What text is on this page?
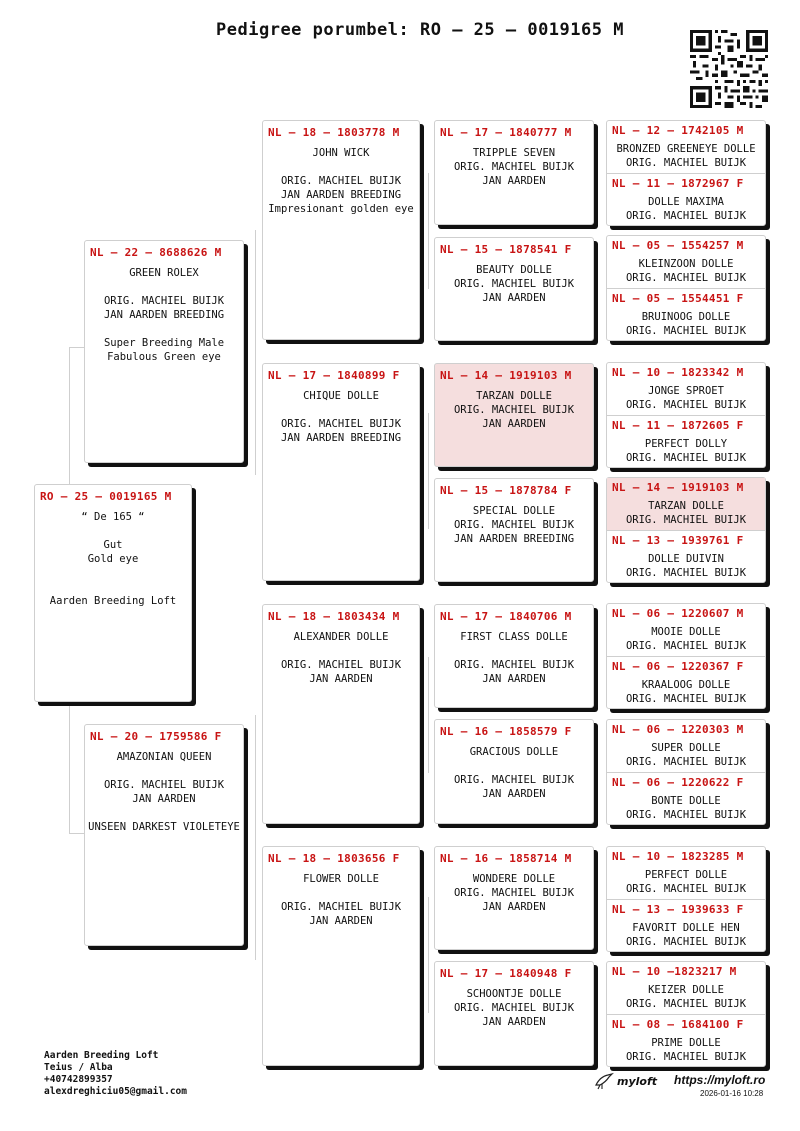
Pedigree porumbel: RO – 25 – 0019165 M
RO – 25 – 0019165 M
“ De 165 “
Gut
Gold eye

Aarden Breeding Loft
NL – 22 – 8688626 M
GREEN ROLEX
ORIG. MACHIEL BUIJK
JAN AARDEN BREEDING

Super Breeding Male
Fabulous Green eye
NL – 20 – 1759586 F
AMAZONIAN QUEEN
ORIG. MACHIEL BUIJK
JAN AARDEN

UNSEEN DARKEST VIOLETEYE
NL – 18 – 1803778 M
JOHN WICK
ORIG. MACHIEL BUIJK
JAN AARDEN BREEDING
Impresionant golden eye
NL – 17 – 1840899 F
CHIQUE DOLLE
ORIG. MACHIEL BUIJK
JAN AARDEN BREEDING
NL – 18 – 1803434 M
ALEXANDER DOLLE
ORIG. MACHIEL BUIJK
JAN AARDEN
NL – 18 – 1803656 F
FLOWER DOLLE
ORIG. MACHIEL BUIJK
JAN AARDEN
NL – 17 – 1840777 M
TRIPPLE SEVEN
ORIG. MACHIEL BUIJK
JAN AARDEN
NL – 15 – 1878541 F
BEAUTY DOLLE
ORIG. MACHIEL BUIJK
JAN AARDEN
NL – 14 – 1919103 M
TARZAN DOLLE
ORIG. MACHIEL BUIJK
JAN AARDEN
NL – 15 – 1878784 F
SPECIAL DOLLE
ORIG. MACHIEL BUIJK
JAN AARDEN BREEDING
NL – 17 – 1840706 M
FIRST CLASS DOLLE

ORIG. MACHIEL BUIJK
JAN AARDEN
NL – 16 – 1858579 F
GRACIOUS DOLLE

ORIG. MACHIEL BUIJK
JAN AARDEN
NL – 16 – 1858714 M
WONDERE DOLLE
ORIG. MACHIEL BUIJK
JAN AARDEN
NL – 17 – 1840948 F
SCHOONTJE DOLLE
ORIG. MACHIEL BUIJK
JAN AARDEN
NL – 12 – 1742105 M
BRONZED GREENEYE DOLLE
ORIG. MACHIEL BUIJK
NL – 11 – 1872967 F
DOLLE MAXIMA
ORIG. MACHIEL BUIJK
NL – 05 – 1554257 M
KLEINZOON DOLLE
ORIG. MACHIEL BUIJK
NL – 05 – 1554451 F
BRUINOOG DOLLE
ORIG. MACHIEL BUIJK
NL – 10 – 1823342 M
JONGE SPROET
ORIG. MACHIEL BUIJK
NL – 11 – 1872605 F
PERFECT DOLLY
ORIG. MACHIEL BUIJK
NL – 14 – 1919103 M
TARZAN DOLLE
ORIG. MACHIEL BUIJK
NL – 13 – 1939761 F
DOLLE DUIVIN
ORIG. MACHIEL BUIJK
NL – 06 – 1220607 M
MOOIE DOLLE
ORIG. MACHIEL BUIJK
NL – 06 – 1220367 F
KRAALOOG DOLLE
ORIG. MACHIEL BUIJK
NL – 06 – 1220303 M
SUPER DOLLE
ORIG. MACHIEL BUIJK
NL – 06 – 1220622 F
BONTE DOLLE
ORIG. MACHIEL BUIJK
NL – 10 – 1823285 M
PERFECT DOLLE
ORIG. MACHIEL BUIJK
NL – 13 – 1939633 F
FAVORIT DOLLE HEN
ORIG. MACHIEL BUIJK
NL – 10 –1823217 M
KEIZER DOLLE
ORIG. MACHIEL BUIJK
NL – 08 – 1684100 F
PRIME DOLLE
ORIG. MACHIEL BUIJK
Aarden Breeding Loft
Teius / Alba
+40742899357
alexdreghiciu05@gmail.com
myloft https://myloft.ro
2026-01-16 10:28
